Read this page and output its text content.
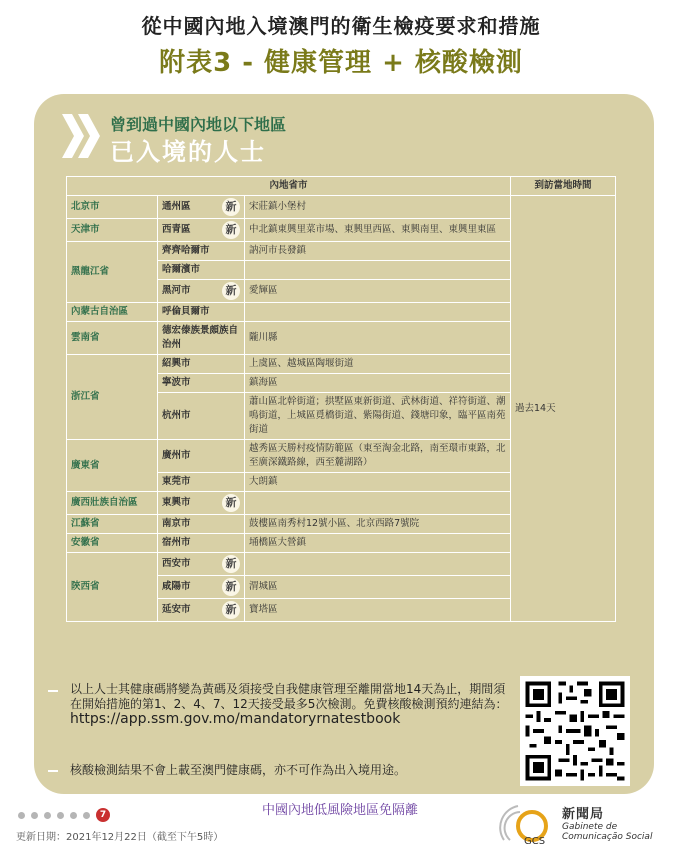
從中國內地入境澳門的衛生檢疫要求和措施
附表3 - 健康管理 + 核酸檢測
曾到過中國內地以下地區
已入境的人士
內地省市			到訪當地時間
北京市	通州區 新	宋莊鎮小堡村	過去14天
天津市	西青區 新	中北鎮東興里菜市場、東興里西區、東興南里、東興里東區	
黑龍江省	齊齊哈爾市	訥河市長發鎮	
	哈爾濱市		

	黑河市 新	愛輝區	
內蒙古自治區	呼倫貝爾市		
雲南省	德宏傣族景頗族自治州	隴川縣	
浙江省	紹興市	上虞區、越城區陶堰街道	
	寧波市	鎮海區	
	杭州市	蕭山區北幹街道；拱墅區東新街道、武林街道、祥符街道、潮鳴街道，上城區覓橋街道、紫陽街道、錢塘印象，臨平區南苑街道	
廣東省	廣州市	越秀區天勝村疫情防範區（東至淘金北路，南至環市東路，北至廣深鐵路線，西至麓湖路）	
	東莞市	大朗鎮	
廣西壯族自治區	東興市 新		

江蘇省	南京市	鼓樓區南秀村12號小區、北京西路7號院	
安徽省	宿州市	埇橋區大營鎮	
陝西省	西安市 新		

	咸陽市 新	渭城區	

	延安市 新	寶塔區	
以上人士其健康碼將變為黃碼及須接受自我健康管理至離開當地14天為止，期間須在開始措施的第1、2、4、7、12天接受最多5次檢測。免費核酸檢測預約連結為：
https://app.ssm.gov.mo/mandatoryrnatestbook
核酸檢測結果不會上載至澳門健康碼，亦不可作為出入境用途。
中國內地低風險地區免隔離
7
更新日期：2021年12月22日（截至下午5時）	GCS
新聞局
Gabinete de
Comunicação Social
